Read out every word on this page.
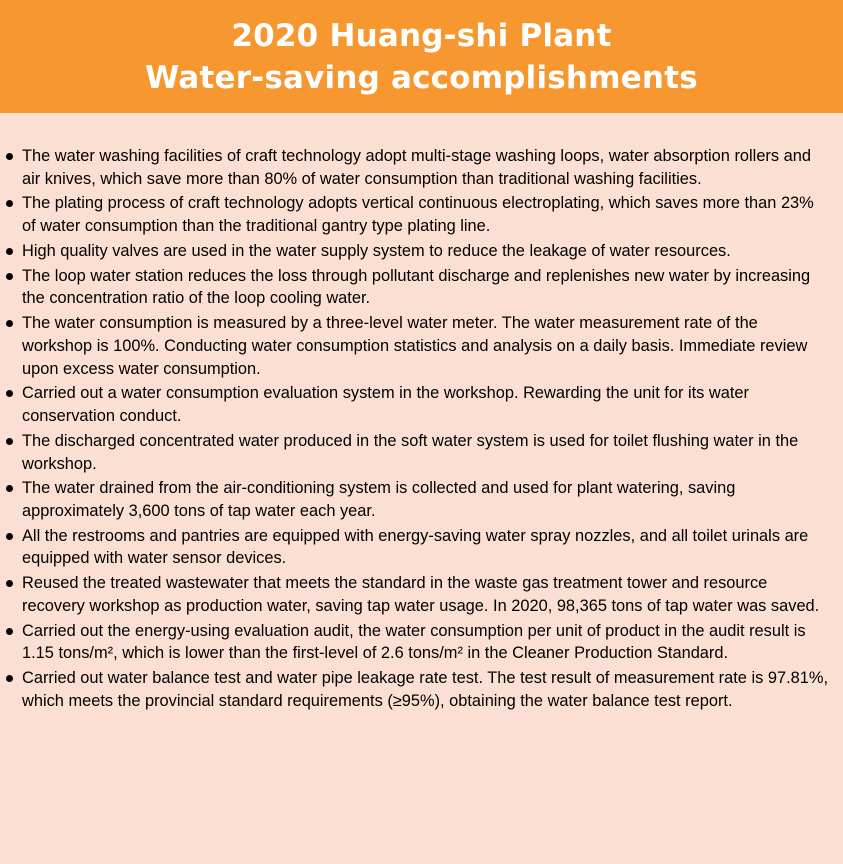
2020 Huang-shi Plant
Water-saving accomplishments
The water washing facilities of craft technology adopt multi-stage washing loops, water absorption rollers and air knives, which save more than 80% of water consumption than traditional washing facilities.
The plating process of craft technology adopts vertical continuous electroplating, which saves more than 23% of water consumption than the traditional gantry type plating line.
High quality valves are used in the water supply system to reduce the leakage of water resources.
The loop water station reduces the loss through pollutant discharge and replenishes new water by increasing the concentration ratio of the loop cooling water.
The water consumption is measured by a three-level water meter. The water measurement rate of the workshop is 100%. Conducting water consumption statistics and analysis on a daily basis. Immediate review upon excess water consumption.
Carried out a water consumption evaluation system in the workshop. Rewarding the unit for its water conservation conduct.
The discharged concentrated water produced in the soft water system is used for toilet flushing water in the workshop.
The water drained from the air-conditioning system is collected and used for plant watering, saving approximately 3,600 tons of tap water each year.
All the restrooms and pantries are equipped with energy-saving water spray nozzles, and all toilet urinals are equipped with water sensor devices.
Reused the treated wastewater that meets the standard in the waste gas treatment tower and resource recovery workshop as production water, saving tap water usage. In 2020, 98,365 tons of tap water was saved.
Carried out the energy-using evaluation audit, the water consumption per unit of product in the audit result is 1.15 tons/m², which is lower than the first-level of 2.6 tons/m² in the Cleaner Production Standard.
Carried out water balance test and water pipe leakage rate test. The test result of measurement rate is 97.81%, which meets the provincial standard requirements (≥95%), obtaining the water balance test report.
